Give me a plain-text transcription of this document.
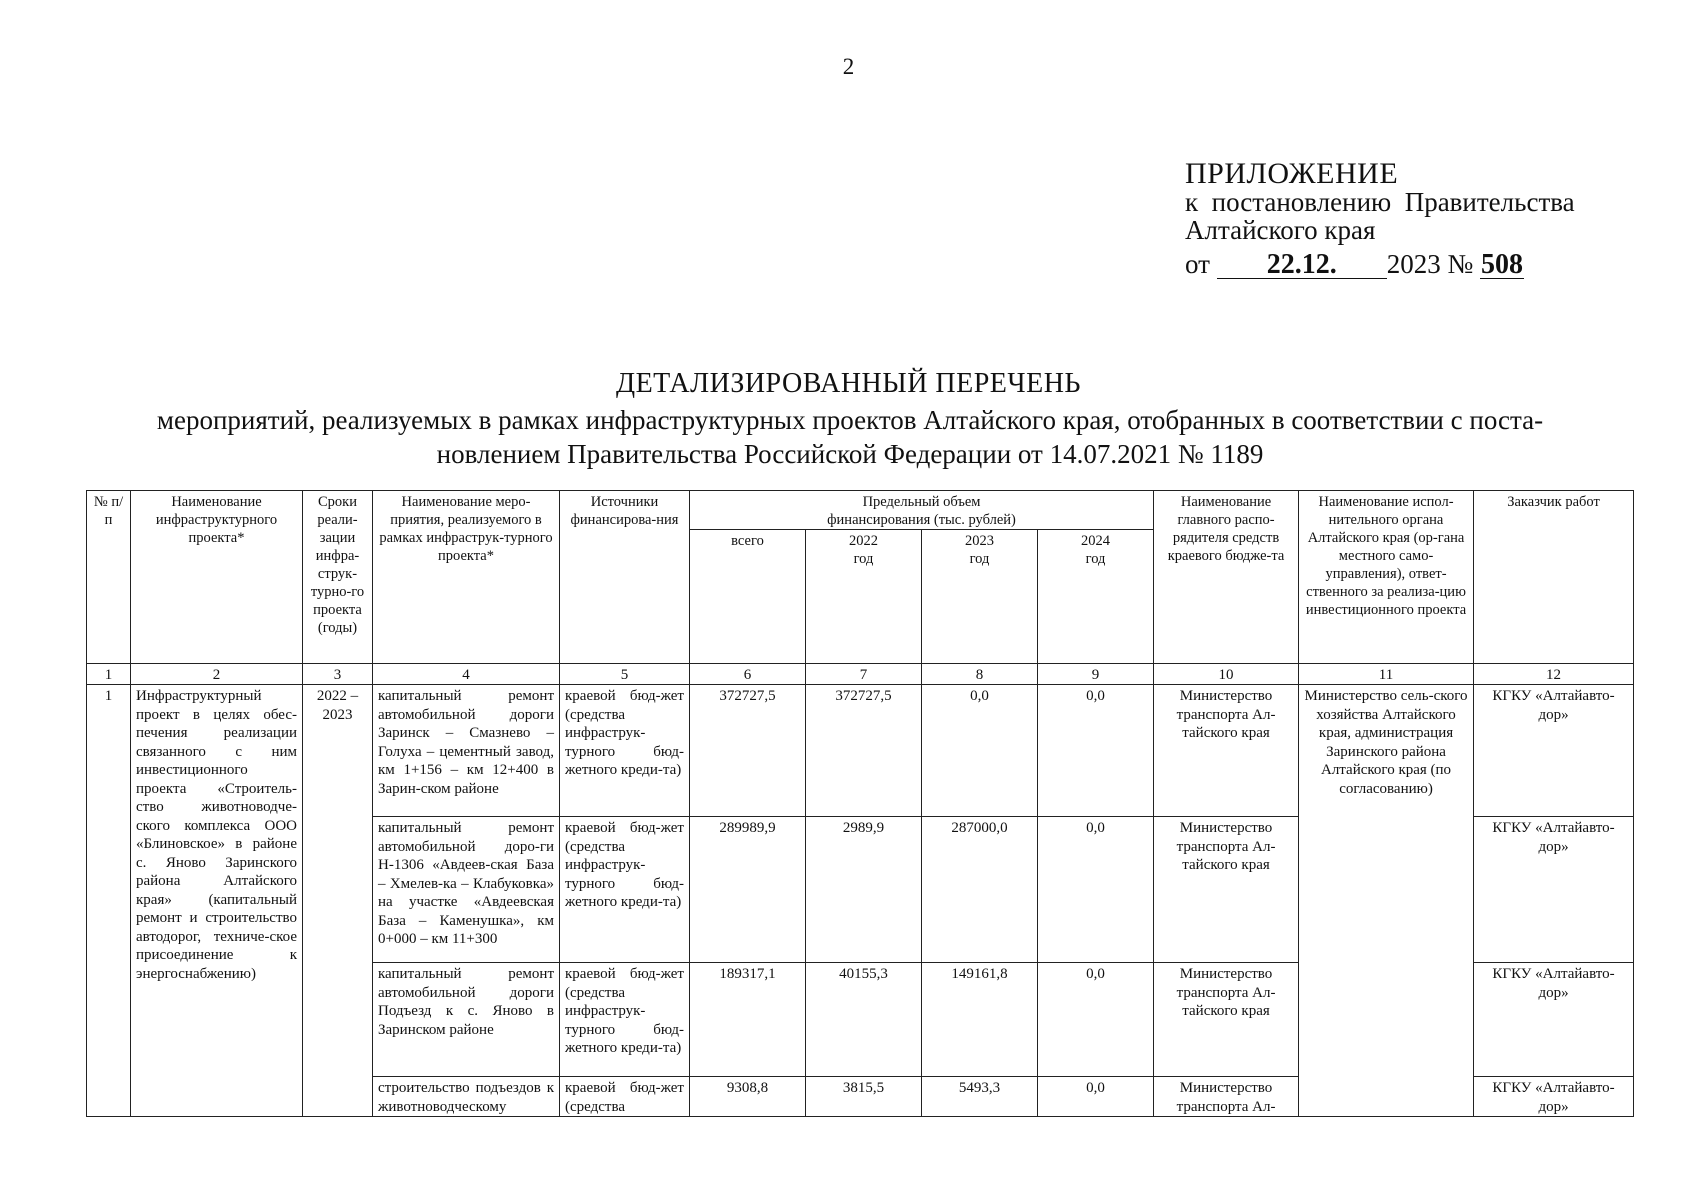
2
ПРИЛОЖЕНИЕ
к  постановлению  Правительства
Алтайского края
от 22.12. 2023 № 508
ДЕТАЛИЗИРОВАННЫЙ ПЕРЕЧЕНЬ
мероприятий, реализуемых в рамках инфраструктурных проектов Алтайского края, отобранных в соответствии с поста-
новлением Правительства Российской Федерации от 14.07.2021 № 1189
№ п/п	Наименование инфраструктурного проекта*	Сроки реали-зации инфра-струк-турно-го проекта (годы)	Наименование меро-приятия, реализуемого в рамках инфраструк-турного проекта*	Источники финансирова-ния	Предельный объем финансирования (тыс. рублей)				Наименование главного распо-рядителя средств краевого бюдже-та	Наименование испол-нительного органа Алтайского края (ор-гана местного само-управления), ответ-ственного за реализа-цию инвестиционного проекта	Заказчик работ
					всего	2022 год	2023 год	2024 год			
1	2	3	4	5	6	7	8	9	10	11	12
1	Инфраструктурный проект в целях обес-печения реализации связанного с ним инвестиционного проекта «Строитель-ство животноводче-ского комплекса ООО «Блиновское» в районе с. Яново Заринского района Алтайского края» (капитальный ремонт и строительство автодорог, техниче-ское присоединение к энергоснабжению)	2022 – 2023	капитальный ремонт автомобильной дороги Заринск – Смазнево – Голуха – цементный завод, км 1+156 – км 12+400 в Зарин-ском районе	краевой бюд-жет (средства инфраструк-турного бюд-жетного креди-та)	372727,5	372727,5	0,0	0,0	Министерство транспорта Ал-тайского края	Министерство сель-ского хозяйства Алтайского края, администрация Заринского района Алтайского края (по согласованию)	КГКУ «Алтайавто-дор»
			капитальный ремонт автомобильной доро-ги Н-1306 «Авдеев-ская База – Хмелев-ка – Клабуковка» на участке «Авдеевская База – Каменушка», км 0+000 – км 11+300	краевой бюд-жет (средства инфраструк-турного бюд-жетного креди-та)	289989,9	2989,9	287000,0	0,0	Министерство транспорта Ал-тайского края		КГКУ «Алтайавто-дор»
			капитальный ремонт автомобильной дороги Подъезд к с. Яново в Заринском районе	краевой бюд-жет (средства инфраструк-турного бюд-жетного креди-та)	189317,1	40155,3	149161,8	0,0	Министерство транспорта Ал-тайского края		КГКУ «Алтайавто-дор»
			строительство подъездов к животноводческому	краевой бюд-жет (средства	9308,8	3815,5	5493,3	0,0	Министерство транспорта Ал-		КГКУ «Алтайавто-дор»
